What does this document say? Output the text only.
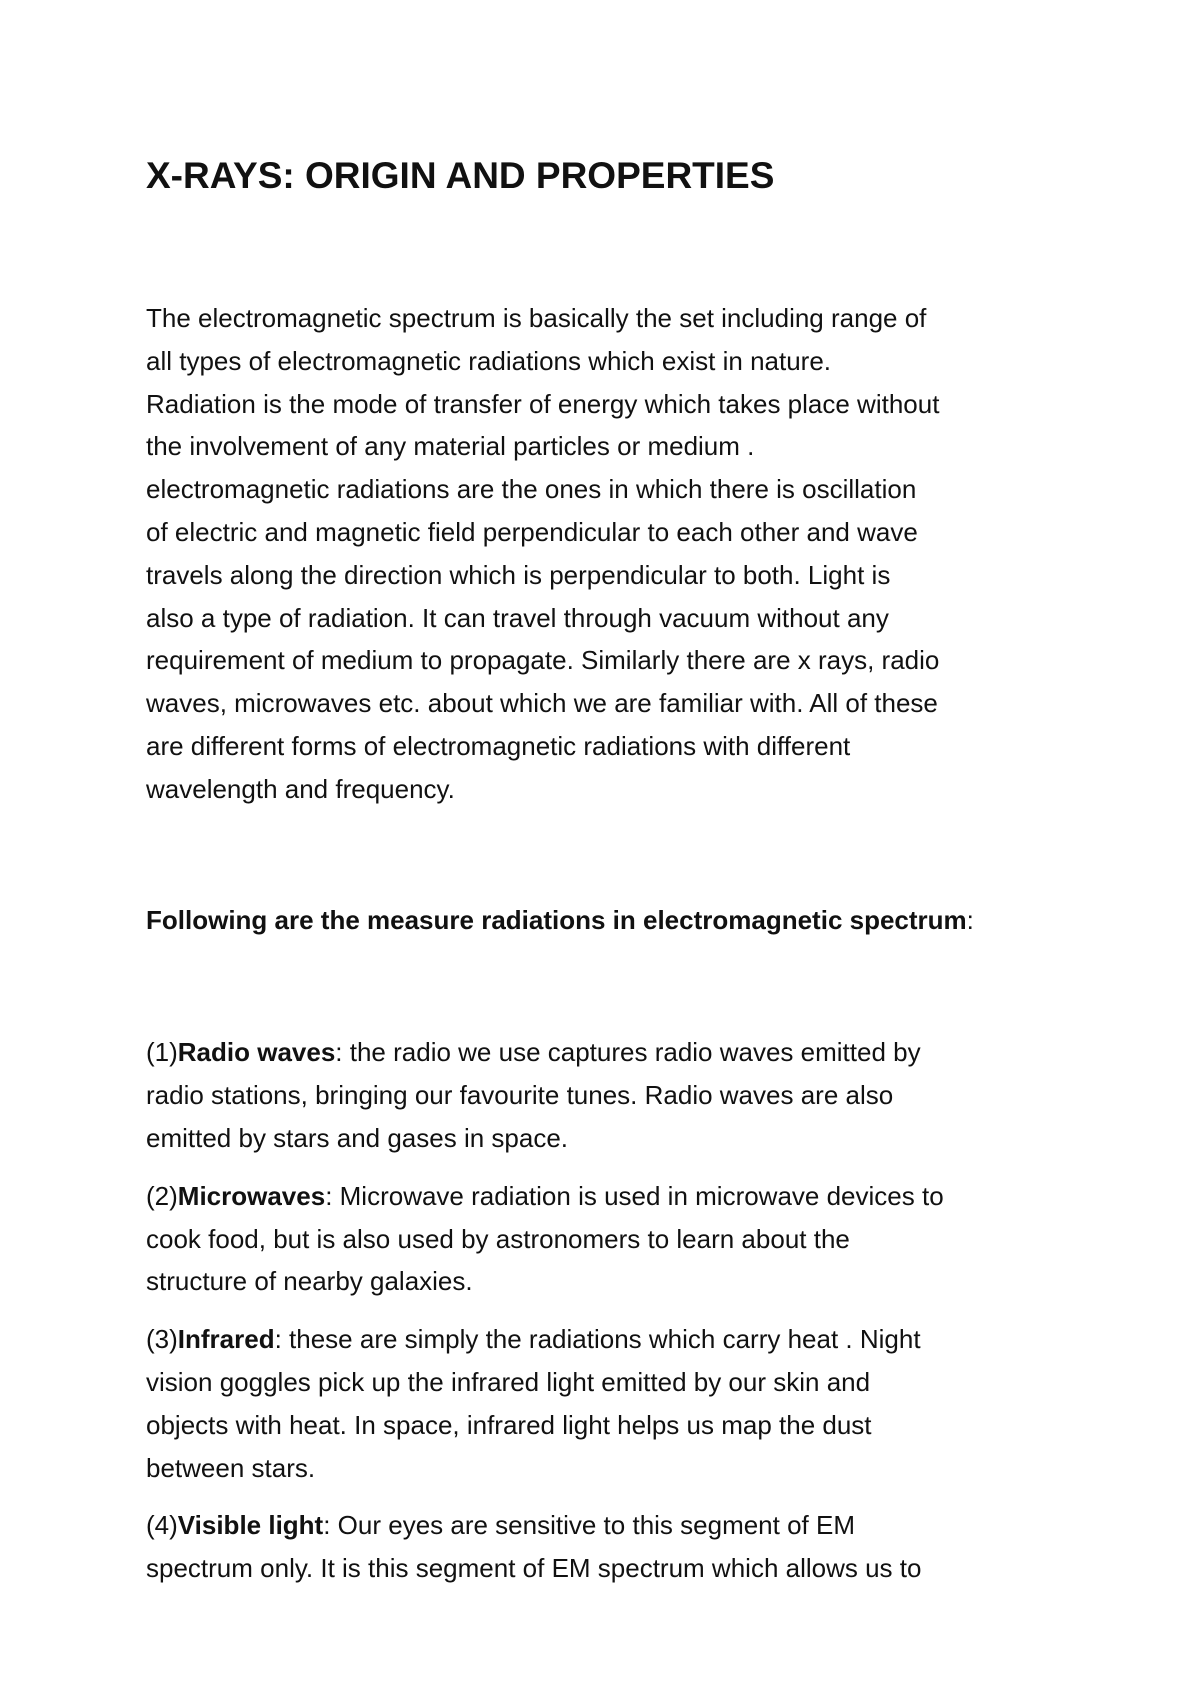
X-RAYS: ORIGIN AND PROPERTIES
The electromagnetic spectrum is basically the set including range of
all types of electromagnetic radiations which exist in nature.
Radiation is the mode of transfer of energy which takes place without
the involvement of any material particles or medium .
electromagnetic radiations are the ones in which there is oscillation
of electric and magnetic field perpendicular to each other and wave
travels along the direction which is perpendicular to both. Light is
also a type of radiation. It can travel through vacuum without any
requirement of medium to propagate. Similarly there are x rays, radio
waves, microwaves etc. about which we are familiar with. All of these
are different forms of electromagnetic radiations with different
wavelength and frequency.
Following are the measure radiations in electromagnetic spectrum:
(1)Radio waves: the radio we use captures radio waves emitted by
radio stations, bringing our favourite tunes. Radio waves are also
emitted by stars and gases in space.
(2)Microwaves: Microwave radiation is used in microwave devices to
cook food, but is also used by astronomers to learn about the
structure of nearby galaxies.
(3)Infrared: these are simply the radiations which carry heat . Night
vision goggles pick up the infrared light emitted by our skin and
objects with heat. In space, infrared light helps us map the dust
between stars.
(4)Visible light: Our eyes are sensitive to this segment of EM
spectrum only. It is this segment of EM spectrum which allows us to
